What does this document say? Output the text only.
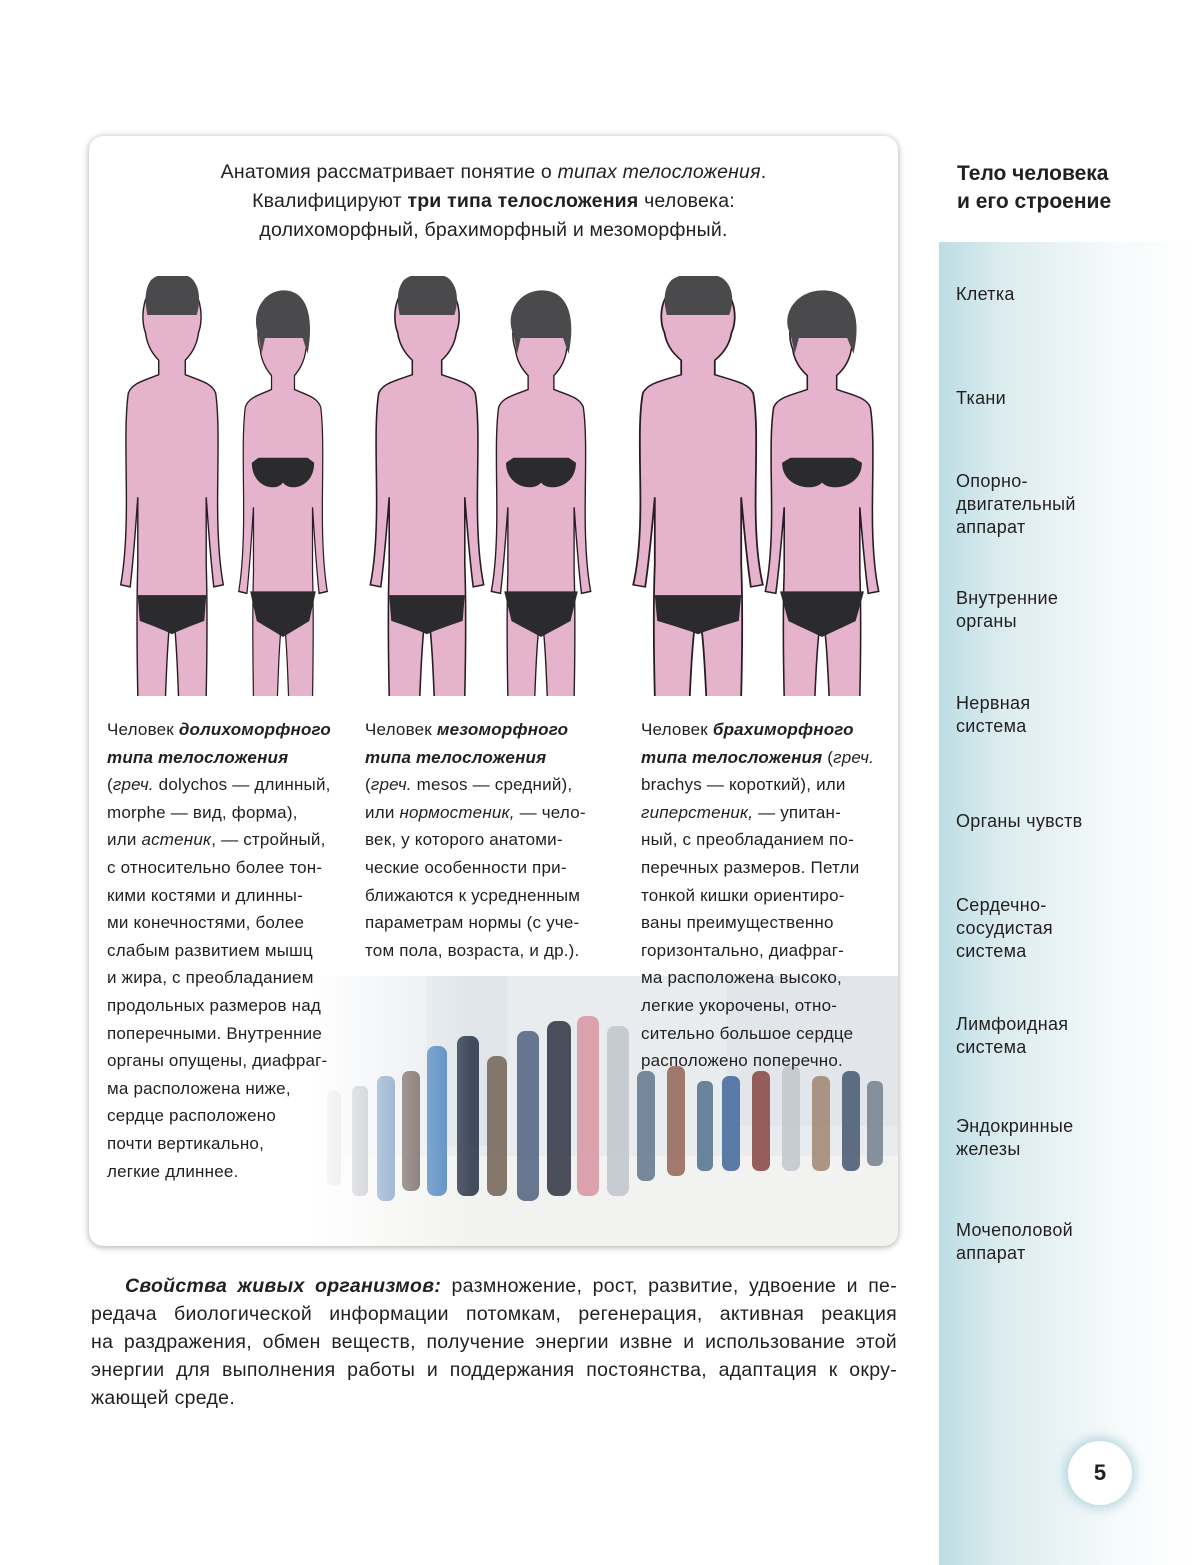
Анатомия рассматривает понятие о типах телосложения.
Квалифицируют три типа телосложения человека:
долихоморфный, брахиморфный и мезоморфный.
Человек долихоморфного
типа телосложения
(греч. dolychos — длинный,
morphe — вид, форма),
или астеник, — стройный,
с относительно более тон-
кими костями и длинны-
ми конечностями, более
слабым развитием мышц
и жира, с преобладанием
продольных размеров над
поперечными. Внутренние
органы опущены, диафраг-
ма расположена ниже,
сердце расположено
почти вертикально,
легкие длиннее.
Человек мезоморфного
типа телосложения
(греч. mesos — средний),
или нормостеник, — чело-
век, у которого анатоми-
ческие особенности при-
ближаются к усредненным
параметрам нормы (с уче-
том пола, возраста, и др.).
Человек брахиморфного
типа телосложения (греч.
brachys — короткий), или
гиперстеник, — упитан-
ный, с преобладанием по-
перечных размеров. Петли
тонкой кишки ориентиро-
ваны преимущественно
горизонтально, диафраг-
ма расположена высоко,
легкие укорочены, отно-
сительно большое сердце
расположено поперечно.
Тело человека
и его строение
Клетка
Ткани
Опорно-
двигательный
аппарат
Внутренние
органы
Нервная
система
Органы чувств
Сердечно-
сосудистая
система
Лимфоидная
система
Эндокринные
железы
Мочеполовой
аппарат
Свойства живых организмов: размножение, рост, развитие, удвоение и пе-
редача биологической информации потомкам, регенерация, активная реакция
на раздражения, обмен веществ, получение энергии извне и использование этой
энергии для выполнения работы и поддержания постоянства, адаптация к окру-
жающей среде.
5
